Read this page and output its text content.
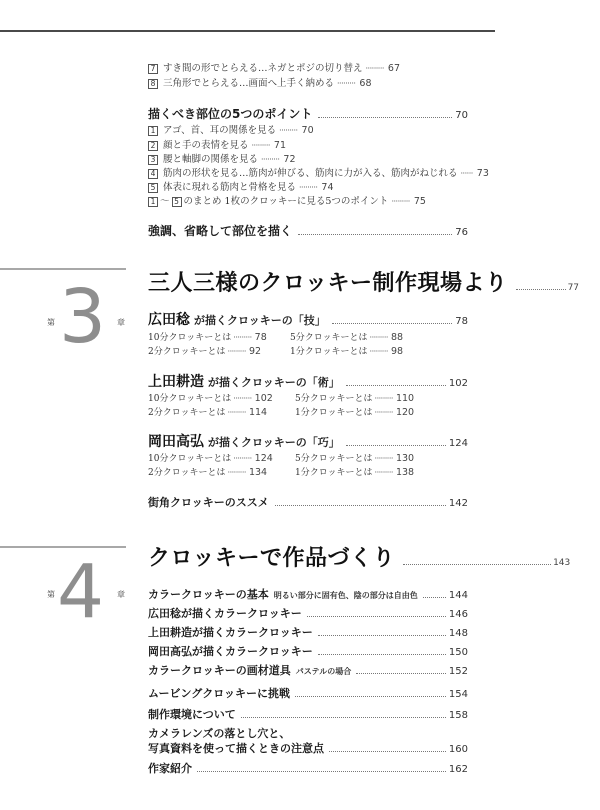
7 すき間の形でとらえる…ネガとポジの切り替え ········· 67
8 三角形でとらえる…画面へ上手く納める ········· 68
描くべき部位の5つのポイント	70
1 アゴ、首、耳の関係を見る ········· 70
2 顔と手の表情を見る ········· 71
3 腰と軸脚の関係を見る ········· 72
4 筋肉の形状を見る…筋肉が伸びる、筋肉に力が入る、筋肉がねじれる ······ 73
5 体表に現れる筋肉と骨格を見る ········· 74
1 〜 5 のまとめ 1枚のクロッキーに見る5つのポイント ········· 75
強調、省略して部位を描く	76
第 3 章
三人三様のクロッキー制作現場より	77
広田稔 が描くクロッキーの「技」	78
10分クロッキーとは ········· 78	5分クロッキーとは ········· 88
2分クロッキーとは ········· 92	1分クロッキーとは ········· 98
上田耕造 が描くクロッキーの「術」	102
10分クロッキーとは ········· 102 5分クロッキーとは ········· 110
2分クロッキーとは ········· 114	1分クロッキーとは ········· 120
岡田高弘 が描くクロッキーの「巧」	124
10分クロッキーとは ········· 124 5分クロッキーとは ········· 130
2分クロッキーとは ········· 134	1分クロッキーとは ········· 138
街角クロッキーのススメ	142
第 4 章
クロッキーで作品づくり	143
カラークロッキーの基本 明るい部分に固有色、陰の部分は自由色	144
広田稔が描くカラークロッキー	146
上田耕造が描くカラークロッキー	148
岡田高弘が描くカラークロッキー	150
カラークロッキーの画材道具 パステルの場合	152
ムービングクロッキーに挑戦	154
制作環境について	158
カメラレンズの落とし穴と、
写真資料を使って描くときの注意点	160
作家紹介	162
